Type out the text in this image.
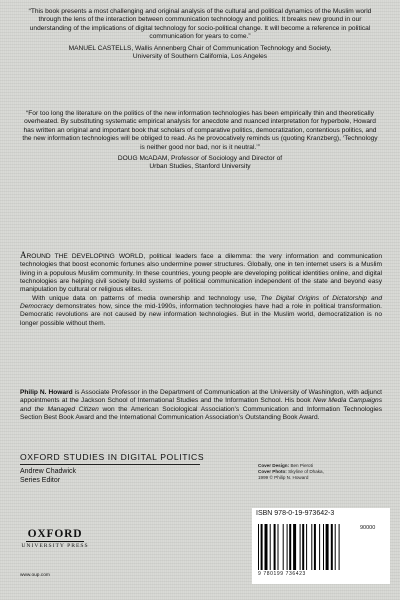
“This book presents a most challenging and original analysis of the cultural and political dynamics of the Muslim world through the lens of the interaction between communication technology and politics. It breaks new ground in our understanding of the implications of digital technology for socio-political change. It will become a reference in political communication for years to come.”
MANUEL CASTELLS, Wallis Annenberg Chair of Communication Technology and Society,
University of Southern California, Los Angeles
“For too long the literature on the politics of the new information technologies has been empirically thin and theoretically overheated. By substituting systematic empirical analysis for anecdote and nuanced interpretation for hyperbole, Howard has written an original and important book that scholars of comparative politics, democratization, contentious politics, and the new information technologies will be obliged to read. As he provocatively reminds us (quoting Kranzberg), ‘Technology is neither good nor bad, nor is it neutral.’”
DOUG McADAM, Professor of Sociology and Director of
Urban Studies, Stanford University

AROUND THE DEVELOPING WORLD, political leaders face a dilemma: the very information and communication technologies that boost economic fortunes also undermine power structures. Globally, one in ten internet users is a Muslim living in a populous Muslim community. In these countries, young people are developing political identities online, and digital technologies are helping civil society build systems of political communication independent of the state and beyond easy manipulation by cultural or religious elites.

With unique data on patterns of media ownership and technology use, The Digital Origins of Dictatorship and Democracy demonstrates how, since the mid-1990s, information technologies have had a role in political transformation. Democratic revolutions are not caused by new information technologies. But in the Muslim world, democratization is no longer possible without them.

Philip N. Howard is Associate Professor in the Department of Communication at the University of Washington, with adjunct appointments at the Jackson School of International Studies and the Information School. His book New Media Campaigns and the Managed Citizen won the American Sociological Association’s Communication and Information Technologies Section Best Book Award and the International Communication Association’s Outstanding Book Award.

OXFORD STUDIES IN DIGITAL POLITICS
Andrew Chadwick
Series Editor
Cover Design: Ben Pieroti
Cover Photo: Skyline of Dhaka,
1999 © Philip N. Howard
OXFORD
UNIVERSITY PRESS
www.oup.com
ISBN 978-0-19-973642-3
90000
9 780199 736423
